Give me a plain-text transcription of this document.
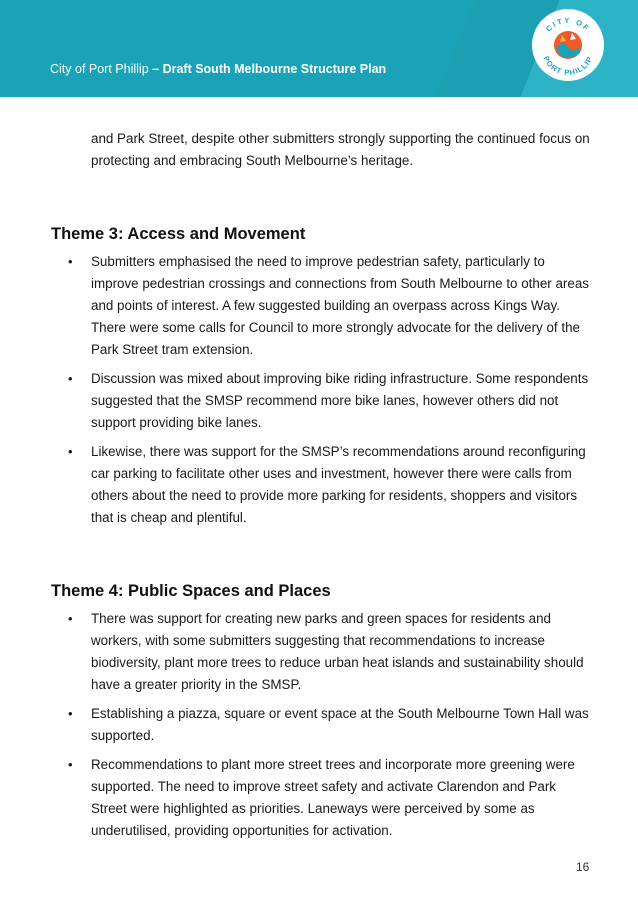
City of Port Phillip – Draft South Melbourne Structure Plan
CITY OF
PORT PHILLIP

and Park Street, despite other submitters strongly supporting the continued focus on protecting and embracing South Melbourne’s heritage.

Theme 3: Access and Movement
• Submitters emphasised the need to improve pedestrian safety, particularly to improve pedestrian crossings and connections from South Melbourne to other areas and points of interest. A few suggested building an overpass across Kings Way. There were some calls for Council to more strongly advocate for the delivery of the Park Street tram extension.
• Discussion was mixed about improving bike riding infrastructure. Some respondents suggested that the SMSP recommend more bike lanes, however others did not support providing bike lanes.
• Likewise, there was support for the SMSP’s recommendations around reconfiguring car parking to facilitate other uses and investment, however there were calls from others about the need to provide more parking for residents, shoppers and visitors that is cheap and plentiful.
Theme 4: Public Spaces and Places
• There was support for creating new parks and green spaces for residents and workers, with some submitters suggesting that recommendations to increase biodiversity, plant more trees to reduce urban heat islands and sustainability should have a greater priority in the SMSP.
• Establishing a piazza, square or event space at the South Melbourne Town Hall was supported.
• Recommendations to plant more street trees and incorporate more greening were supported. The need to improve street safety and activate Clarendon and Park Street were highlighted as priorities. Laneways were perceived by some as underutilised, providing opportunities for activation.
16
